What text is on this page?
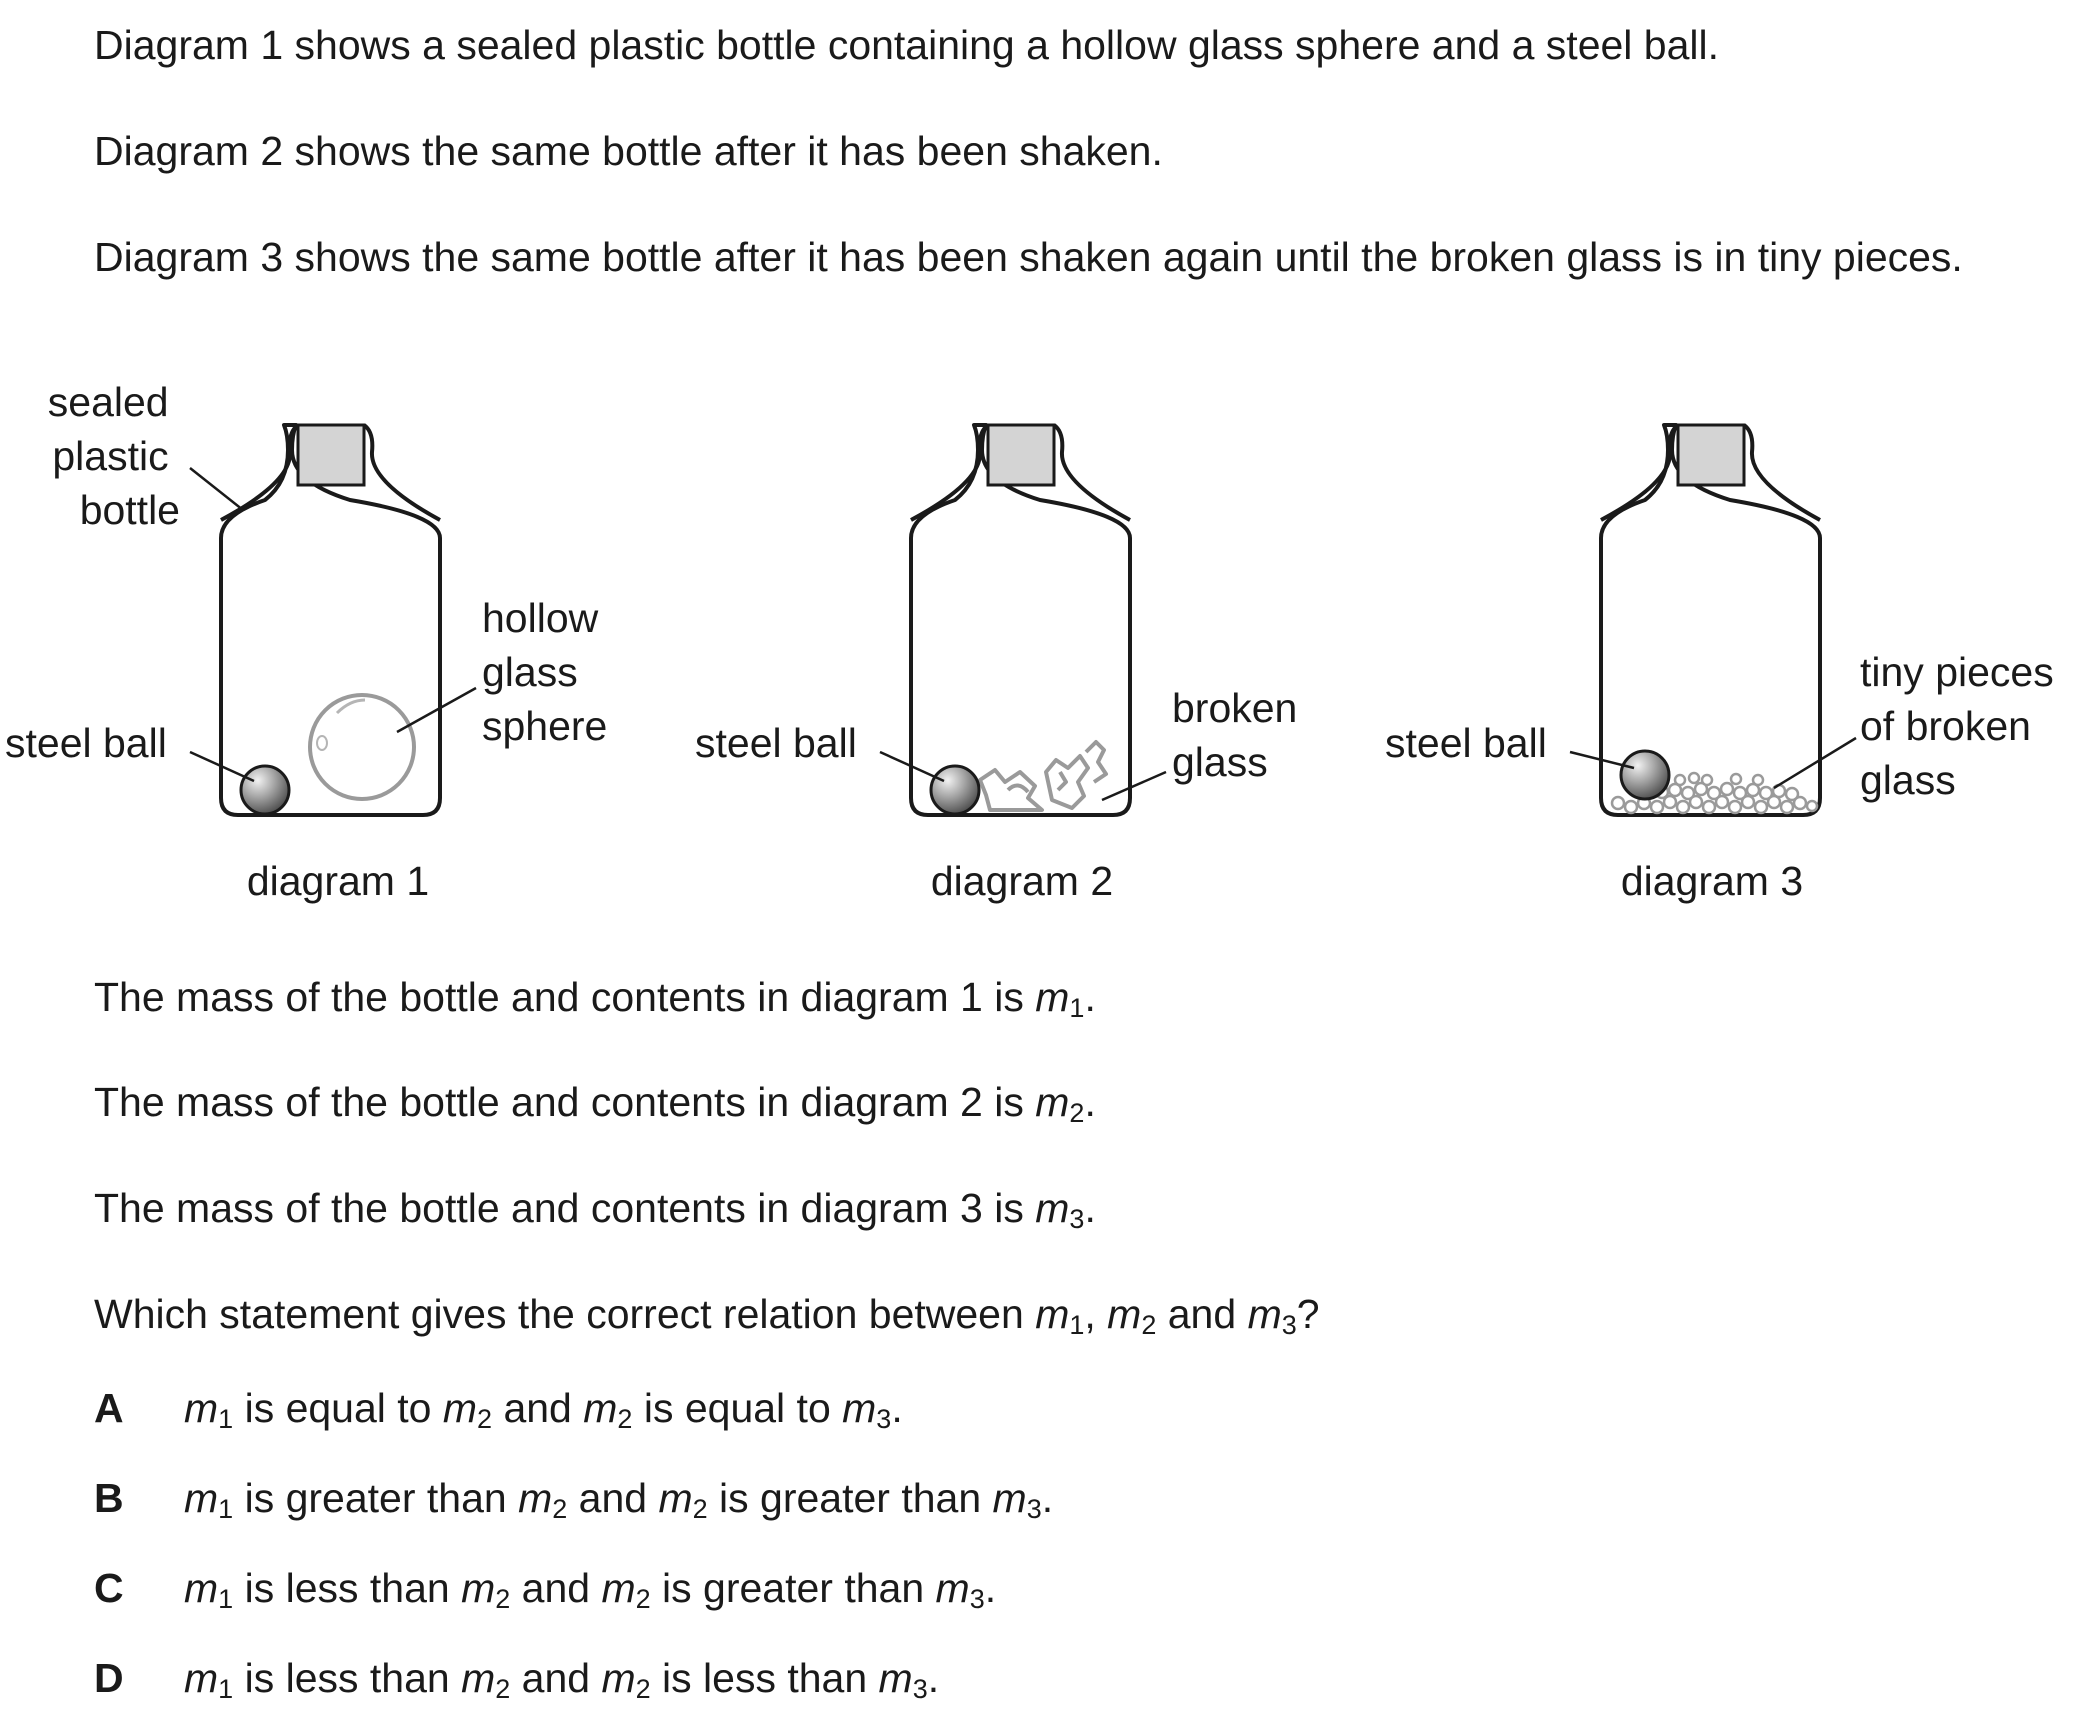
Diagram 1 shows a sealed plastic bottle containing a hollow glass sphere and a steel ball.

Diagram 2 shows the same bottle after it has been shaken.

Diagram 3 shows the same bottle after it has been shaken again until the broken glass is in tiny pieces.

sealed plastic bottle
steel ball
hollow glass sphere
diagram 1
steel ball
broken glass
diagram 2
steel ball
tiny pieces of broken glass
diagram 3

The mass of the bottle and contents in diagram 1 is $m_1$.

The mass of the bottle and contents in diagram 2 is $m_2$.

The mass of the bottle and contents in diagram 3 is $m_3$.

Which statement gives the correct relation between $m_1$, $m_2$ and $m_3$?

A $m_1$ is equal to $m_2$ and $m_2$ is equal to $m_3$.
B $m_1$ is greater than $m_2$ and $m_2$ is greater than $m_3$.
C $m_1$ is less than $m_2$ and $m_2$ is greater than $m_3$.
D $m_1$ is less than $m_2$ and $m_2$ is less than $m_3$.
